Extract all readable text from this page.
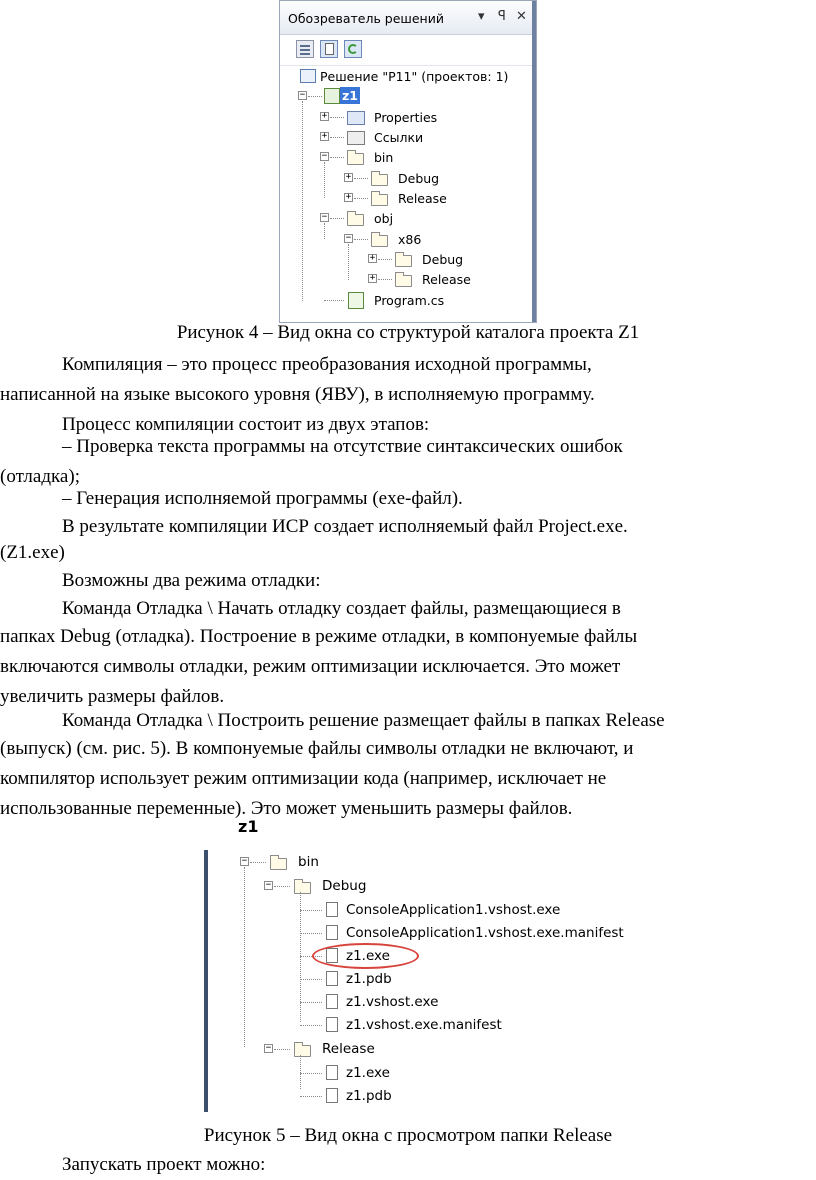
Обозреватель решений	▾ ꟼ ✕
Решение "P11" (проектов: 1)
−	z1
+	Properties
+	Ссылки
−	bin
+	Debug
+	Release
−	obj
−	x86
+	Debug
+	Release
Program.cs
Рисунок 4 – Вид окна со структурой каталога проекта Z1
Компиляция – это процесс преобразования исходной программы,
написанной на языке высокого уровня (ЯВУ), в исполняемую программу.
Процесс компиляции состоит из двух этапов:
– Проверка текста программы на отсутствие синтаксических ошибок
(отладка);
– Генерация исполняемой программы (exe-файл).
В результате компиляции ИСР создает исполняемый файл Project.exe.
(Z1.exe)
Возможны два режима отладки:
Команда Отладка \ Начать отладку создает файлы, размещающиеся в
папках Debug (отладка). Построение в режиме отладки, в компонуемые файлы
включаются символы отладки, режим оптимизации исключается. Это может
увеличить размеры файлов.
Команда Отладка \ Построить решение размещает файлы в папках Release
(выпуск) (см. рис. 5). В компонуемые файлы символы отладки не включают, и
компилятор использует режим оптимизации кода (например, исключает не
использованные переменные). Это может уменьшить размеры файлов.
z1
−	bin
−	Debug
ConsoleApplication1.vshost.exe
ConsoleApplication1.vshost.exe.manifest
z1.exe
z1.pdb
z1.vshost.exe
z1.vshost.exe.manifest
−	Release
z1.exe
z1.pdb
Рисунок 5 – Вид окна с просмотром папки Release
Запускать проект можно:
